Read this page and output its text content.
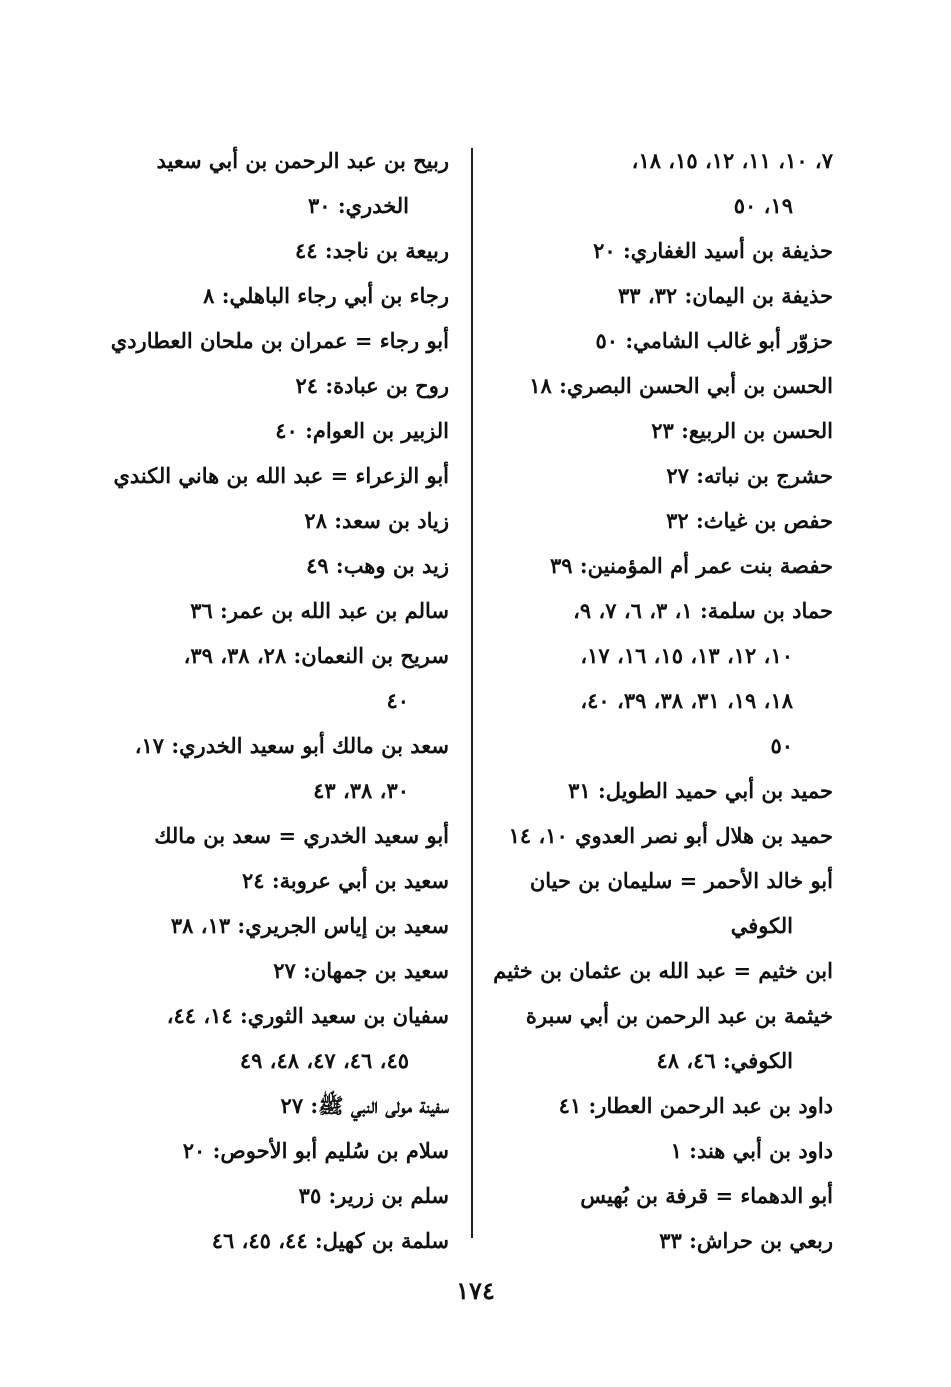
٧، ١٠، ١١، ١٢، ١٥، ١٨،
١٩، ٥٠
حذيفة بن أسيد الغفاري: ٢٠
حذيفة بن اليمان: ٣٢، ٣٣
حزوّر أبو غالب الشامي: ٥٠
الحسن بن أبي الحسن البصري: ١٨
الحسن بن الربيع: ٢٣
حشرج بن نباته: ٢٧
حفص بن غياث: ٣٢
حفصة بنت عمر أم المؤمنين: ٣٩
حماد بن سلمة: ١، ٣، ٦، ٧، ٩،
١٠، ١٢، ١٣، ١٥، ١٦، ١٧،
١٨، ١٩، ٣١، ٣٨، ٣٩، ٤٠،
٥٠
حميد بن أبي حميد الطويل: ٣١
حميد بن هلال أبو نصر العدوي ١٠، ١٤
أبو خالد الأحمر = سليمان بن حيان
الكوفي
ابن خثيم = عبد الله بن عثمان بن خثيم
خيثمة بن عبد الرحمن بن أبي سبرة
الكوفي: ٤٦، ٤٨
داود بن عبد الرحمن العطار: ٤١
داود بن أبي هند: ١
أبو الدهماء = قرفة بن بُهيس
ربعي بن حراش: ٣٣
ربيح بن عبد الرحمن بن أبي سعيد
الخدري: ٣٠
ربيعة بن ناجد: ٤٤
رجاء بن أبي رجاء الباهلي: ٨
أبو رجاء = عمران بن ملحان العطاردي
روح بن عبادة: ٢٤
الزبير بن العوام: ٤٠
أبو الزعراء = عبد الله بن هاني الكندي
زياد بن سعد: ٢٨
زيد بن وهب: ٤٩
سالم بن عبد الله بن عمر: ٣٦
سريح بن النعمان: ٢٨، ٣٨، ٣٩،
٤٠
سعد بن مالك أبو سعيد الخدري: ١٧،
٣٠، ٣٨، ٤٣
أبو سعيد الخدري = سعد بن مالك
سعيد بن أبي عروبة: ٢٤
سعيد بن إياس الجريري: ١٣، ٣٨
سعيد بن جمهان: ٢٧
سفيان بن سعيد الثوري: ١٤، ٤٤،
٤٥، ٤٦، ٤٧، ٤٨، ٤٩
سفينة مولى النبي ﷺ: ٢٧
سلام بن سُليم أبو الأحوص: ٢٠
سلم بن زرير: ٣٥
سلمة بن كهيل: ٤٤، ٤٥، ٤٦
١٧٤
